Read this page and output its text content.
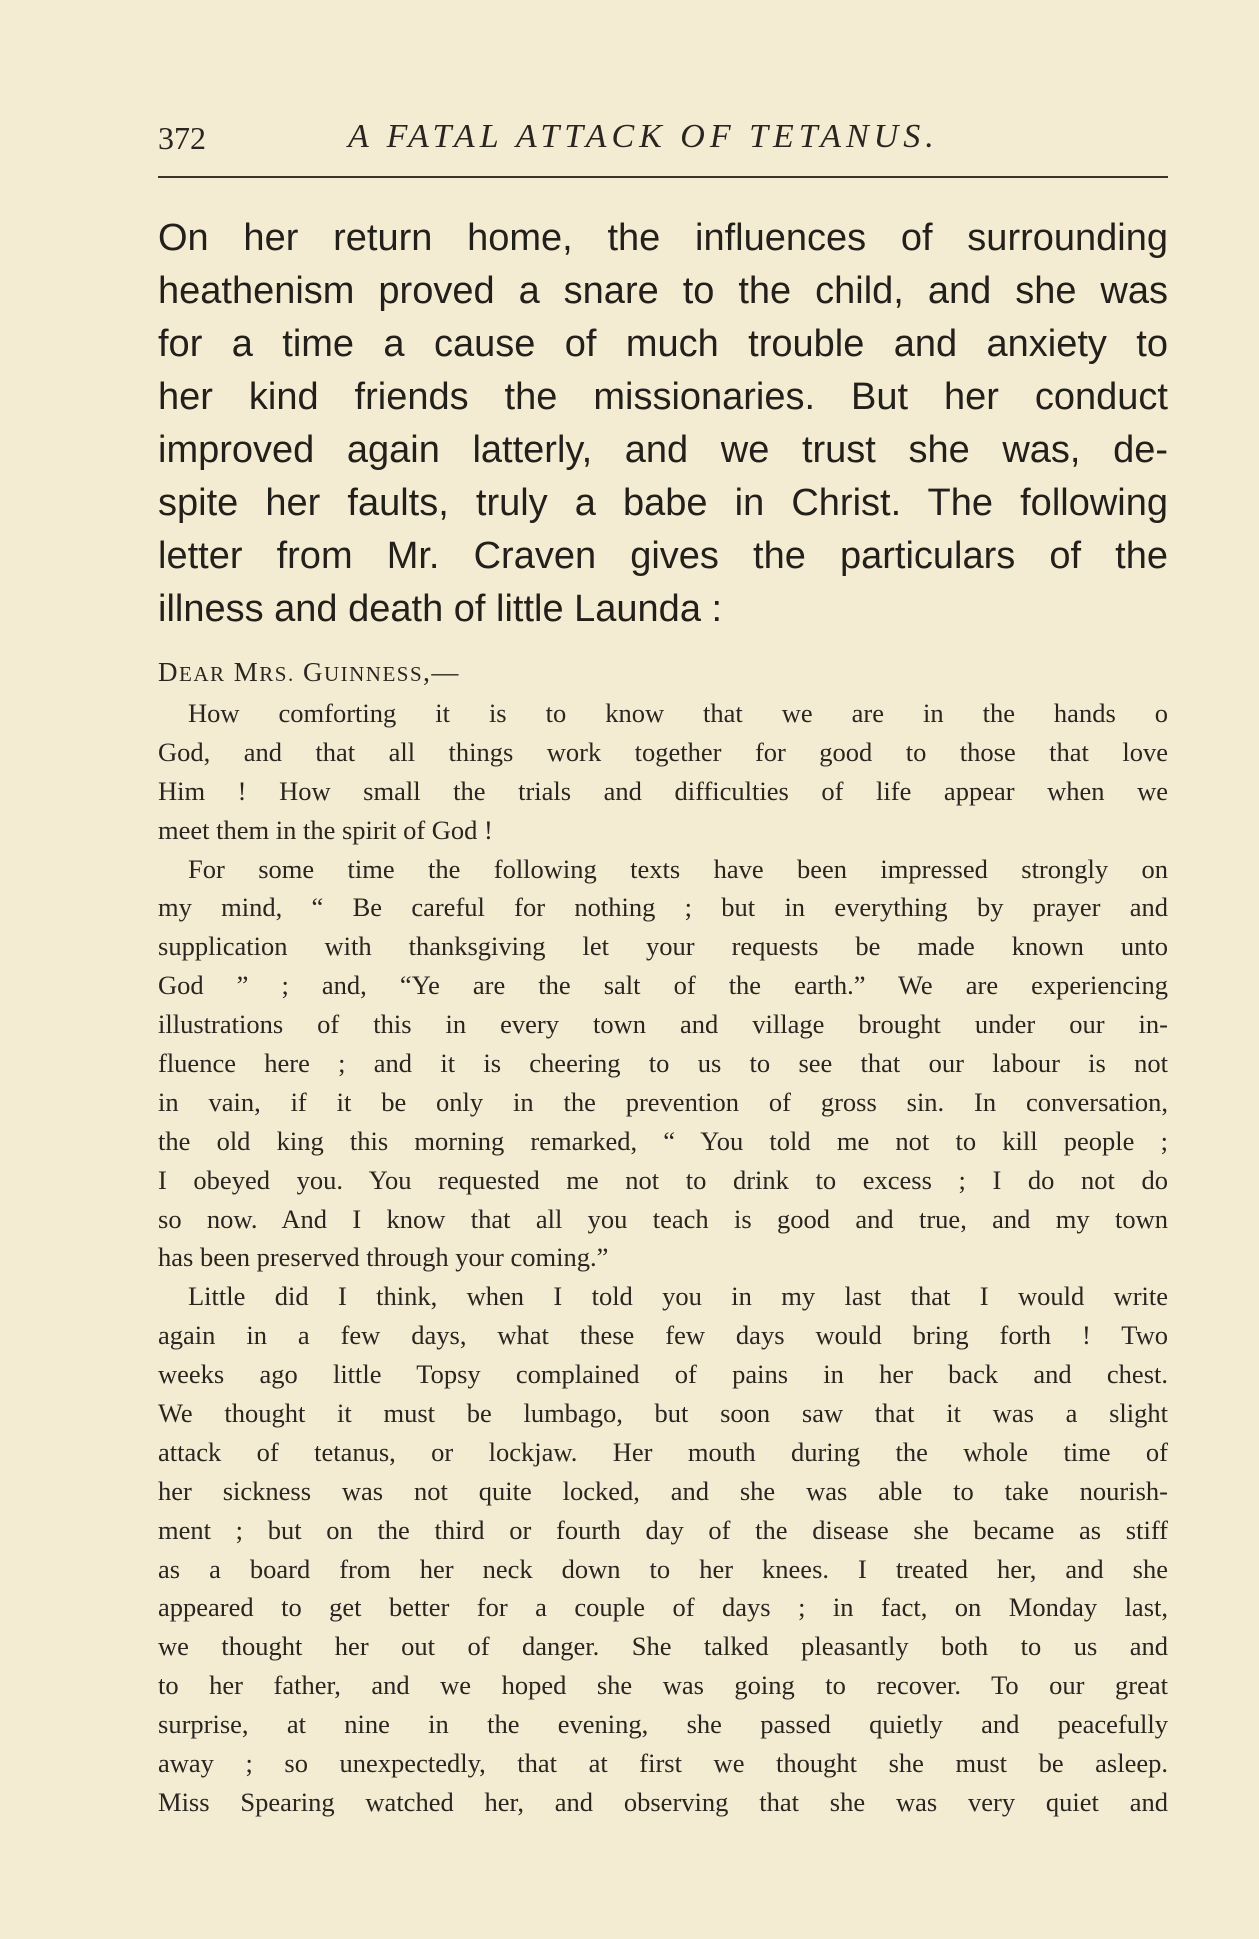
372	A FATAL ATTACK OF TETANUS.
On her return home, the influences of surrounding
heathenism proved a snare to the child, and she was
for a time a cause of much trouble and anxiety to
her kind friends the missionaries. But her conduct
improved again latterly, and we trust she was, de-
spite her faults, truly a babe in Christ. The following
letter from Mr. Craven gives the particulars of the
illness and death of little Launda :
DEAR MRS. GUINNESS,—
How comforting it is to know that we are in the hands o
God, and that all things work together for good to those that love
Him ! How small the trials and difficulties of life appear when we
meet them in the spirit of God !
For some time the following texts have been impressed strongly on
my mind, “ Be careful for nothing ; but in everything by prayer and
supplication with thanksgiving let your requests be made known unto
God ” ; and, “Ye are the salt of the earth.” We are experiencing
illustrations of this in every town and village brought under our in-
fluence here ; and it is cheering to us to see that our labour is not
in vain, if it be only in the prevention of gross sin. In conversation,
the old king this morning remarked, “ You told me not to kill people ;
I obeyed you. You requested me not to drink to excess ; I do not do
so now. And I know that all you teach is good and true, and my town
has been preserved through your coming.”
Little did I think, when I told you in my last that I would write
again in a few days, what these few days would bring forth ! Two
weeks ago little Topsy complained of pains in her back and chest.
We thought it must be lumbago, but soon saw that it was a slight
attack of tetanus, or lockjaw. Her mouth during the whole time of
her sickness was not quite locked, and she was able to take nourish-
ment ; but on the third or fourth day of the disease she became as stiff
as a board from her neck down to her knees. I treated her, and she
appeared to get better for a couple of days ; in fact, on Monday last,
we thought her out of danger. She talked pleasantly both to us and
to her father, and we hoped she was going to recover. To our great
surprise, at nine in the evening, she passed quietly and peacefully
away ; so unexpectedly, that at first we thought she must be asleep.
Miss Spearing watched her, and observing that she was very quiet and
